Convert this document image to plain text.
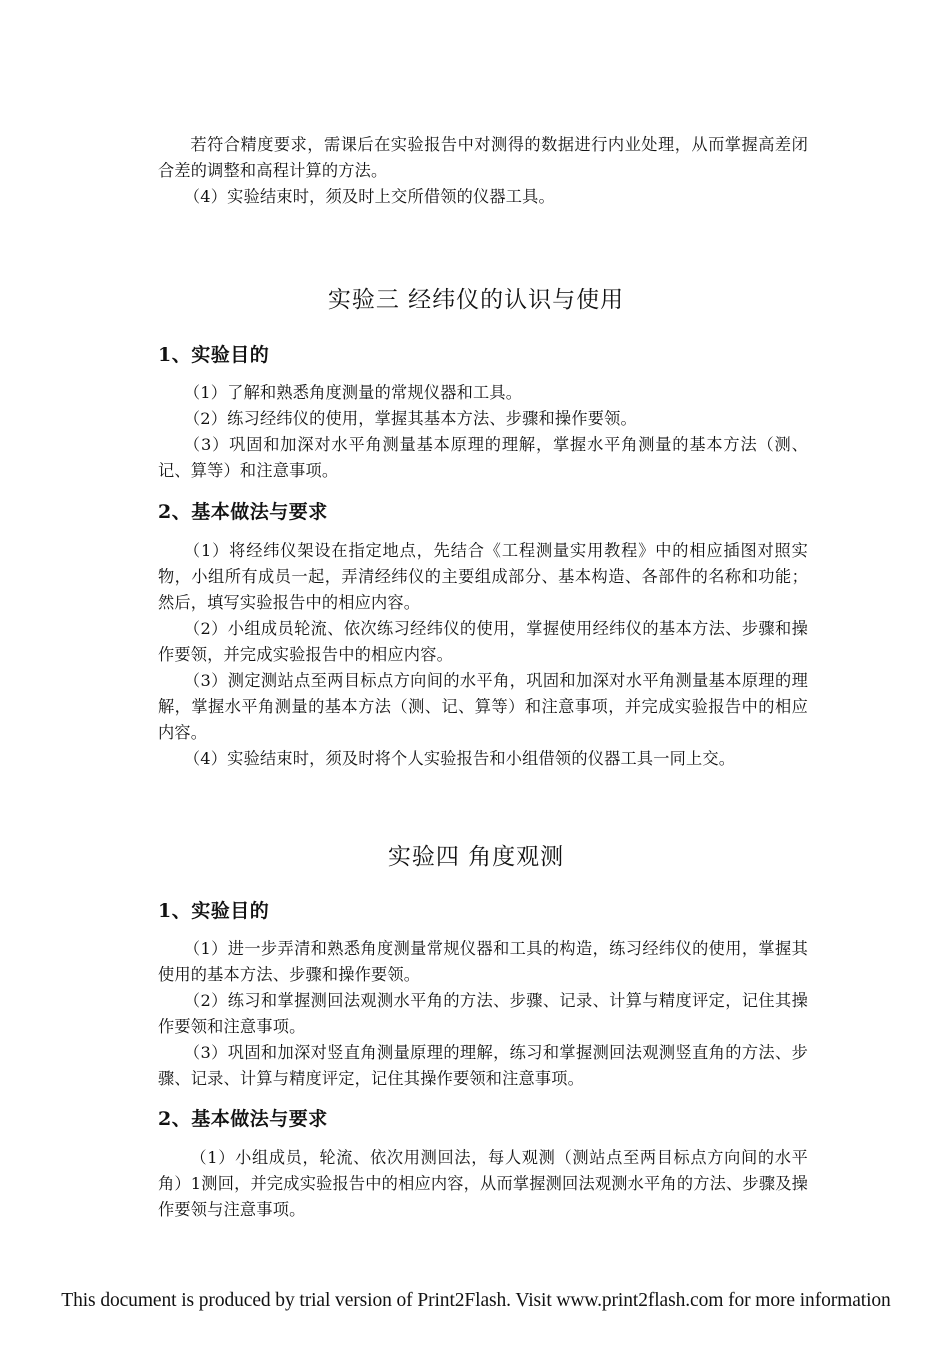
若符合精度要求，需课后在实验报告中对测得的数据进行内业处理，从而掌握高差闭合差的调整和高程计算的方法。

（4）实验结束时，须及时上交所借领的仪器工具。

实验三 经纬仪的认识与使用
1、实验目的

（1）了解和熟悉角度测量的常规仪器和工具。

（2）练习经纬仪的使用，掌握其基本方法、步骤和操作要领。

（3）巩固和加深对水平角测量基本原理的理解，掌握水平角测量的基本方法（测、记、算等）和注意事项。

2、基本做法与要求

（1）将经纬仪架设在指定地点，先结合《工程测量实用教程》中的相应插图对照实物，小组所有成员一起，弄清经纬仪的主要组成部分、基本构造、各部件的名称和功能；然后，填写实验报告中的相应内容。

（2）小组成员轮流、依次练习经纬仪的使用，掌握使用经纬仪的基本方法、步骤和操作要领，并完成实验报告中的相应内容。

（3）测定测站点至两目标点方向间的水平角，巩固和加深对水平角测量基本原理的理解，掌握水平角测量的基本方法（测、记、算等）和注意事项，并完成实验报告中的相应内容。

（4）实验结束时，须及时将个人实验报告和小组借领的仪器工具一同上交。

实验四 角度观测
1、实验目的

（1）进一步弄清和熟悉角度测量常规仪器和工具的构造，练习经纬仪的使用，掌握其使用的基本方法、步骤和操作要领。

（2）练习和掌握测回法观测水平角的方法、步骤、记录、计算与精度评定，记住其操作要领和注意事项。

（3）巩固和加深对竖直角测量原理的理解，练习和掌握测回法观测竖直角的方法、步骤、记录、计算与精度评定，记住其操作要领和注意事项。

2、基本做法与要求

（1）小组成员，轮流、依次用测回法，每人观测（测站点至两目标点方向间的水平角）1测回，并完成实验报告中的相应内容，从而掌握测回法观测水平角的方法、步骤及操作要领与注意事项。

This document is produced by trial version of Print2Flash. Visit www.print2flash.com for more information
